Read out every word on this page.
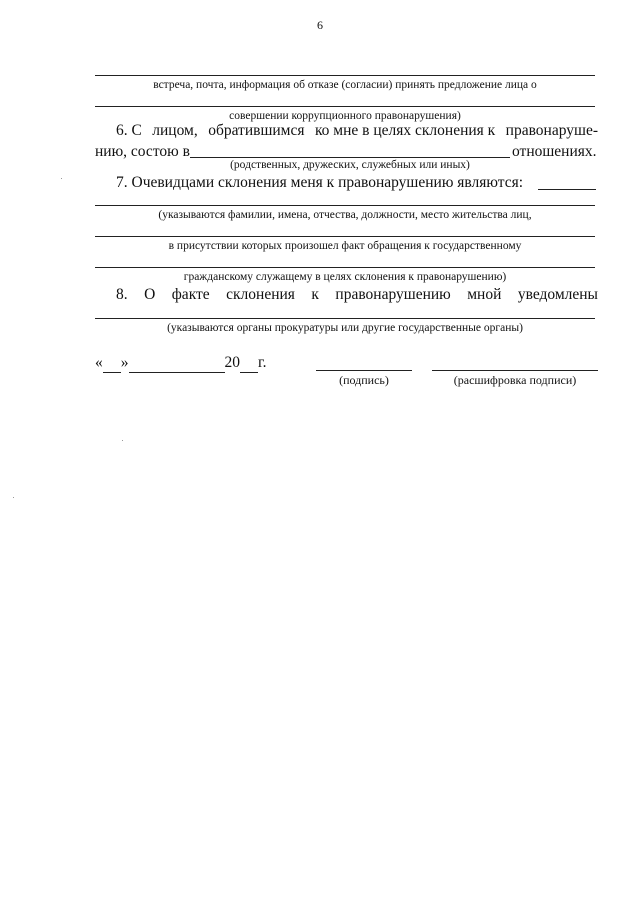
6
встреча, почта, информация об отказе (согласии) принять предложение лица о
совершении коррупционного правонарушения)
6. С лицом, обратившимся ко мне в целях склонения к правонаруше-
нию, состою в	отношениях.
(родственных, дружеских, служебных или иных)
7. Очевидцами склонения меня к правонарушению являются:
(указываются фамилии, имена, отчества, должности, место жительства лиц,
в присутствии которых произошел факт обращения к государственному
гражданскому служащему в целях склонения к правонарушению)
8. О факте склонения к правонарушению мной уведомлены
(указываются органы прокуратуры или другие государственные органы)
« »	20 г.
(подпись)	(расшифровка подписи)
